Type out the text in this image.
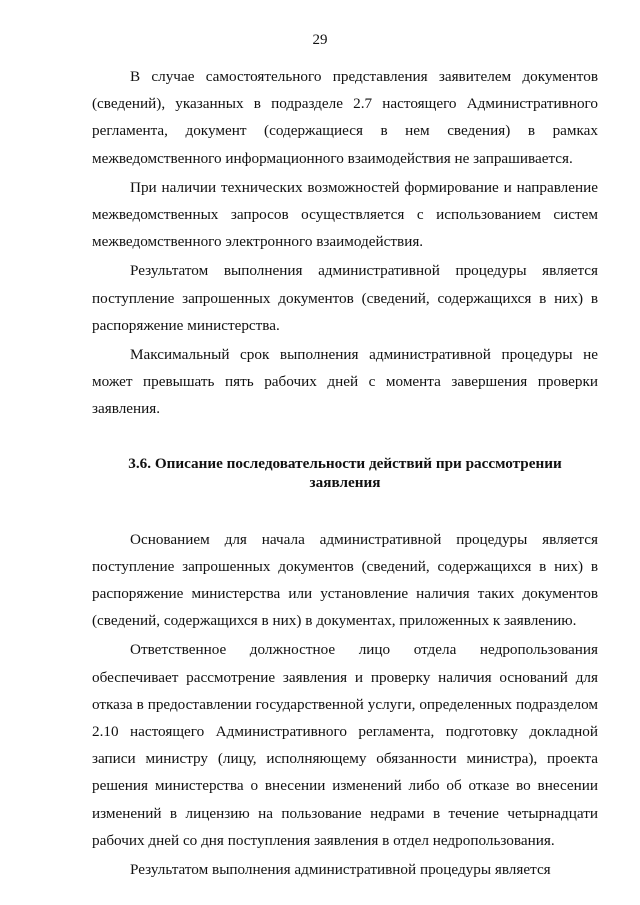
29

В случае самостоятельного представления заявителем документов (сведений), указанных в подразделе 2.7 настоящего Административного регламента, документ (содержащиеся в нем сведения) в рамках межведомственного информационного взаимодействия не запрашивается.

При наличии технических возможностей формирование и направление межведомственных запросов осуществляется с использованием систем межведомственного электронного взаимодействия.

Результатом выполнения административной процедуры является поступление запрошенных документов (сведений, содержащихся в них) в распоряжение министерства.

Максимальный срок выполнения административной процедуры не может превышать пять рабочих дней с момента завершения проверки заявления.

3.6. Описание последовательности действий при рассмотрении заявления

Основанием для начала административной процедуры является поступление запрошенных документов (сведений, содержащихся в них) в распоряжение министерства или установление наличия таких документов (сведений, содержащихся в них) в документах, приложенных к заявлению.

Ответственное должностное лицо отдела недропользования обеспечивает рассмотрение заявления и проверку наличия оснований для отказа в предоставлении государственной услуги, определенных подразделом 2.10 настоящего Административного регламента, подготовку докладной записи министру (лицу, исполняющему обязанности министра), проекта решения министерства о внесении изменений либо об отказе во внесении изменений в лицензию на пользование недрами в течение четырнадцати рабочих дней со дня поступления заявления в отдел недропользования.

Результатом выполнения административной процедуры является
